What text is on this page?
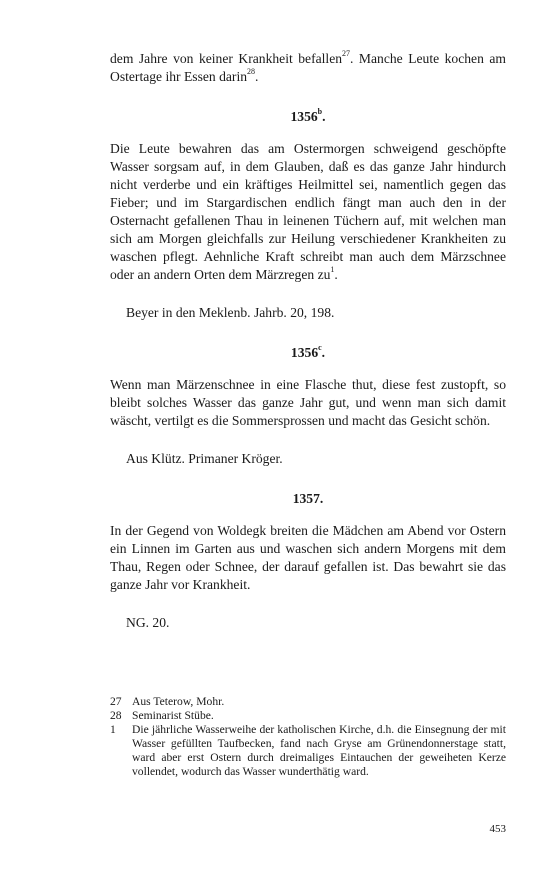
dem Jahre von keiner Krankheit befallen$^{27}$. Manche Leute kochen am Ostertage ihr Essen darin$^{28}$.

1356$^b$.

Die Leute bewahren das am Ostermorgen schweigend geschöpfte Wasser sorgsam auf, in dem Glauben, daß es das ganze Jahr hindurch nicht verderbe und ein kräftiges Heilmittel sei, namentlich gegen das Fieber; und im Stargardischen endlich fängt man auch den in der Osternacht gefallenen Thau in leinenen Tüchern auf, mit welchen man sich am Morgen gleichfalls zur Heilung verschiedener Krankheiten zu waschen pflegt. Aehnliche Kraft schreibt man auch dem Märzschnee oder an andern Orten dem Märzregen $zu^1$.

Beyer in den Meklenb. Jahrb. 20, 198.

1356$^c$.

Wenn man Märzenschnee in eine Flasche thut, diese fest zustopft, so bleibt solches Wasser das ganze Jahr gut, und wenn man sich damit wäscht, vertilgt es die Sommersprossen und macht das Gesicht schön.

Aus Klütz. Primaner Kröger.

1357.

In der Gegend von Woldegk breiten die Mädchen am Abend vor Ostern ein Linnen im Garten aus und waschen sich andern Morgens mit dem Thau, Regen oder Schnee, der darauf gefallen ist. Das bewahrt sie das ganze Jahr vor Krankheit.

NG. 20.

27 Aus Teterow, Mohr.
28 Seminarist Stübe.
1	Die jährliche Wasserweihe der katholischen Kirche, d.h. die Einsegnung der mit Wasser gefüllten Taufbecken, fand nach Gryse am Grünendonnerstage statt, ward aber erst Ostern durch dreimaliges Eintauchen der geweiheten Kerze vollendet, wodurch das Wasser wunderthätig ward.
453
